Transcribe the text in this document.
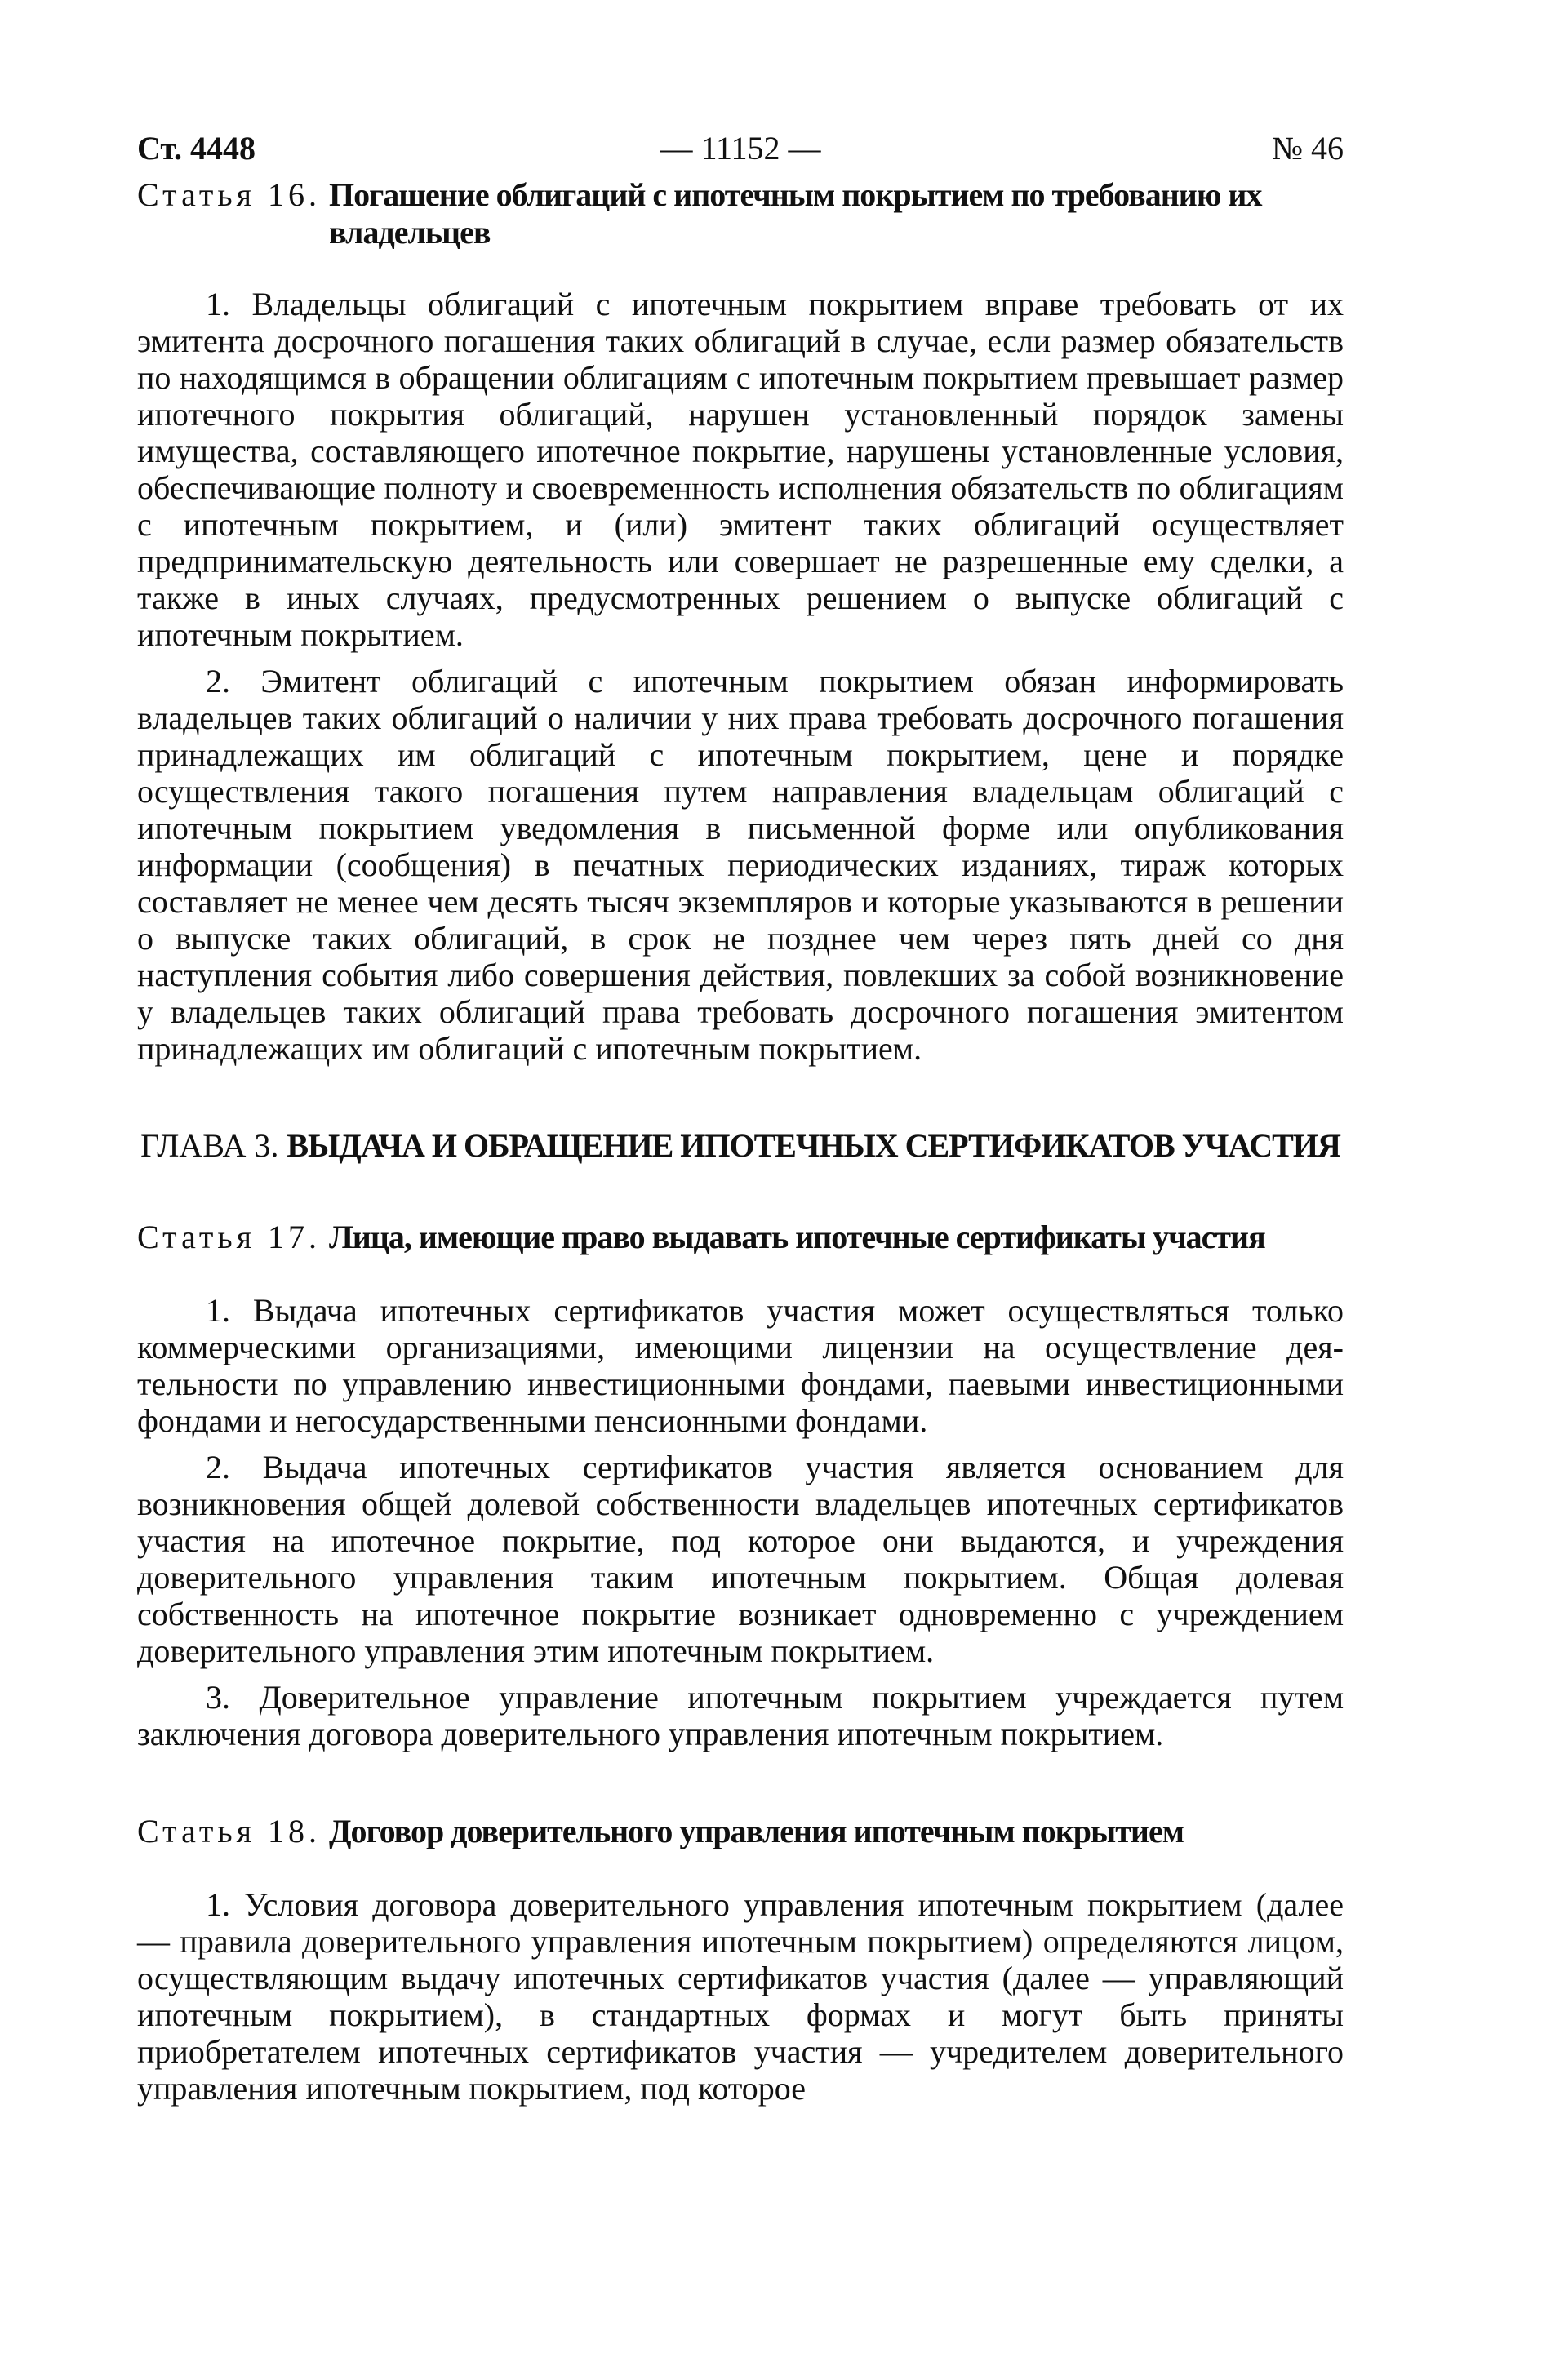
Ст. 4448	— 11152 —	№ 46
Статья 16. Погашение облигаций с ипотечным покрытием по требованию их владельцев

1. Владельцы облигаций с ипотечным покрытием вправе требовать от их эмитента досрочного погашения таких облигаций в случае, если размер обязательств по находящимся в обращении облигациям с ипотечным покрытием превышает размер ипотечного покрытия облигаций, нарушен установленный порядок замены имущества, составляющего ипотечное покрытие, нарушены установленные условия, обеспечивающие полноту и своевременность исполнения обязательств по облигациям с ипотечным покрытием, и (или) эмитент таких облигаций осуществляет предпринимательскую деятельность или совершает не разрешенные ему сделки, а также в иных случаях, предусмотренных решением о выпуске облигаций с ипотечным покрытием.

2. Эмитент облигаций с ипотечным покрытием обязан информировать владельцев таких облигаций о наличии у них права требовать досрочного погашения принадлежащих им облигаций с ипотечным покрытием, цене и порядке осуществления такого погашения путем направления владельцам облигаций с ипотечным покрытием уведомления в письменной форме или опубликования информации (сообщения) в печатных периодических изданиях, тираж которых составляет не менее чем десять тысяч экземпляров и которые указываются в решении о выпуске таких облигаций, в срок не позднее чем через пять дней со дня наступления события либо совершения действия, повлекших за собой возникновение у владельцев таких облигаций права требовать досрочного погашения эмитентом принадлежащих им облигаций с ипотечным покрытием.

ГЛАВА 3. ВЫДАЧА И ОБРАЩЕНИЕ ИПОТЕЧНЫХ СЕРТИФИКАТОВ УЧАСТИЯ
Статья 17. Лица, имеющие право выдавать ипотечные сертификаты участия

1. Выдача ипотечных сертификатов участия может осуществляться только коммерческими организациями, имеющими лицензии на осуществление деятельности по управлению инвестиционными фондами, паевыми инвестиционными фондами и негосударственными пенсионными фондами.

2. Выдача ипотечных сертификатов участия является основанием для возникновения общей долевой собственности владельцев ипотечных сертификатов участия на ипотечное покрытие, под которое они выдаются, и учреждения доверительного управления таким ипотечным покрытием. Общая долевая собственность на ипотечное покрытие возникает одновременно с учреждением доверительного управления этим ипотечным покрытием.

3. Доверительное управление ипотечным покрытием учреждается путем заключения договора доверительного управления ипотечным покрытием.

Статья 18. Договор доверительного управления ипотечным покрытием

1. Условия договора доверительного управления ипотечным покрытием (далее — правила доверительного управления ипотечным покрытием) определяются лицом, осуществляющим выдачу ипотечных сертификатов участия (далее — управляющий ипотечным покрытием), в стандартных формах и могут быть приняты приобретателем ипотечных сертификатов участия — учредителем доверительного управления ипотечным покрытием, под которое
